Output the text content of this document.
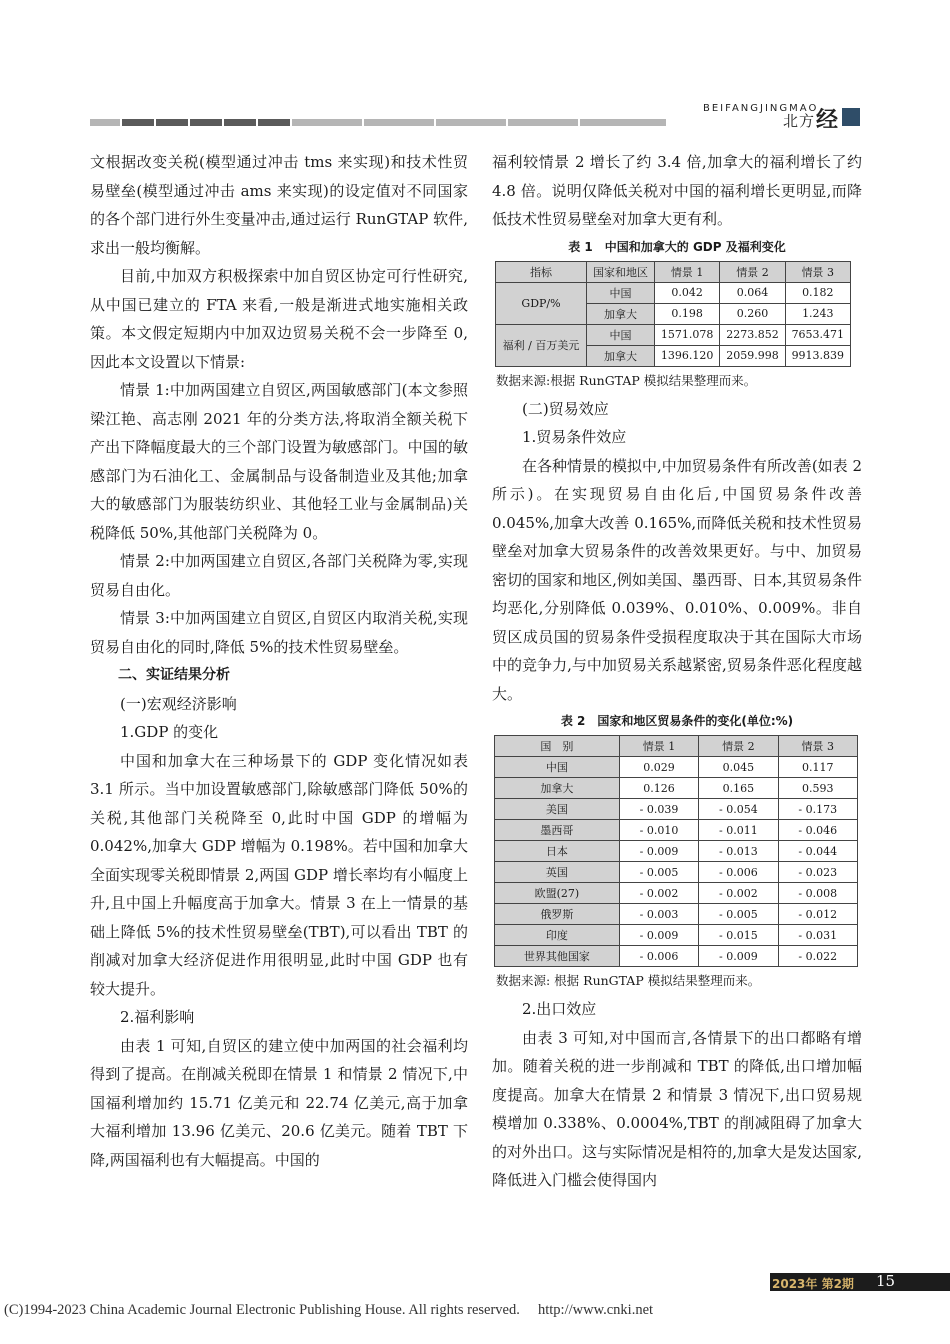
BEIFANGJINGMAO
北方 经

文根据改变关税(模型通过冲击 tms 来实现)和技术性贸易壁垒(模型通过冲击 ams 来实现)的设定值对不同国家的各个部门进行外生变量冲击,通过运行 RunGTAP 软件,求出一般均衡解。

目前,中加双方积极探索中加自贸区协定可行性研究,从中国已建立的 FTA 来看,一般是渐进式地实施相关政策。本文假定短期内中加双边贸易关税不会一步降至 0,因此本文设置以下情景:

情景 1:中加两国建立自贸区,两国敏感部门(本文参照梁江艳、高志刚 2021 年的分类方法,将取消全额关税下产出下降幅度最大的三个部门设置为敏感部门。中国的敏感部门为石油化工、金属制品与设备制造业及其他;加拿大的敏感部门为服装纺织业、其他轻工业与金属制品)关税降低 50%,其他部门关税降为 0。

情景 2:中加两国建立自贸区,各部门关税降为零,实现贸易自由化。

情景 3:中加两国建立自贸区,自贸区内取消关税,实现贸易自由化的同时,降低 5%的技术性贸易壁垒。

二、实证结果分析

(一)宏观经济影响

1.GDP 的变化

中国和加拿大在三种场景下的 GDP 变化情况如表 3.1 所示。当中加设置敏感部门,除敏感部门降低 50%的关税,其他部门关税降至 0,此时中国 GDP 的增幅为 0.042%,加拿大 GDP 增幅为 0.198%。若中国和加拿大全面实现零关税即情景 2,两国 GDP 增长率均有小幅度上升,且中国上升幅度高于加拿大。情景 3 在上一情景的基础上降低 5%的技术性贸易壁垒(TBT),可以看出 TBT 的削减对加拿大经济促进作用很明显,此时中国 GDP 也有较大提升。

2.福利影响

由表 1 可知,自贸区的建立使中加两国的社会福利均得到了提高。在削减关税即在情景 1 和情景 2 情况下,中国福利增加约 15.71 亿美元和 22.74 亿美元,高于加拿大福利增加 13.96 亿美元、20.6 亿美元。随着 TBT 下降,两国福利也有大幅提高。中国的

福利较情景 2 增长了约 3.4 倍,加拿大的福利增长了约 4.8 倍。说明仅降低关税对中国的福利增长更明显,而降低技术性贸易壁垒对加拿大更有利。

表 1　中国和加拿大的 GDP 及福利变化
指标	国家和地区	情景 1	情景 2	情景 3
GDP/%	中国	0.042	0.064	0.182
	加拿大	0.198	0.260	1.243
福利 / 百万美元	中国	1571.078	2273.852	7653.471
	加拿大	1396.120	2059.998	9913.839
数据来源:根据 RunGTAP 模拟结果整理而来。

(二)贸易效应

1.贸易条件效应

在各种情景的模拟中,中加贸易条件有所改善(如表 2 所示)。在实现贸易自由化后,中国贸易条件改善 0.045%,加拿大改善 0.165%,而降低关税和技术性贸易壁垒对加拿大贸易条件的改善效果更好。与中、加贸易密切的国家和地区,例如美国、墨西哥、日本,其贸易条件均恶化,分别降低 0.039%、0.010%、0.009%。非自贸区成员国的贸易条件受损程度取决于其在国际大市场中的竞争力,与中加贸易关系越紧密,贸易条件恶化程度越大。

表 2　国家和地区贸易条件的变化(单位:%)
国　别	情景 1	情景 2	情景 3
中国	0.029	0.045	0.117
加拿大	0.126	0.165	0.593
美国	- 0.039	- 0.054	- 0.173
墨西哥	- 0.010	- 0.011	- 0.046
日本	- 0.009	- 0.013	- 0.044
英国	- 0.005	- 0.006	- 0.023
欧盟(27)	- 0.002	- 0.002	- 0.008
俄罗斯	- 0.003	- 0.005	- 0.012
印度	- 0.009	- 0.015	- 0.031
世界其他国家	- 0.006	- 0.009	- 0.022
数据来源: 根据 RunGTAP 模拟结果整理而来。

2.出口效应

由表 3 可知,对中国而言,各情景下的出口都略有增加。随着关税的进一步削减和 TBT 的降低,出口增加幅度提高。加拿大在情景 2 和情景 3 情况下,出口贸易规模增加 0.338%、0.0004%,TBT 的削减阻碍了加拿大的对外出口。这与实际情况是相符的,加拿大是发达国家,降低进入门槛会使得国内

2023年 第2期 15
(C)1994-2023 China Academic Journal Electronic Publishing House. All rights reserved.　 http://www.cnki.net
